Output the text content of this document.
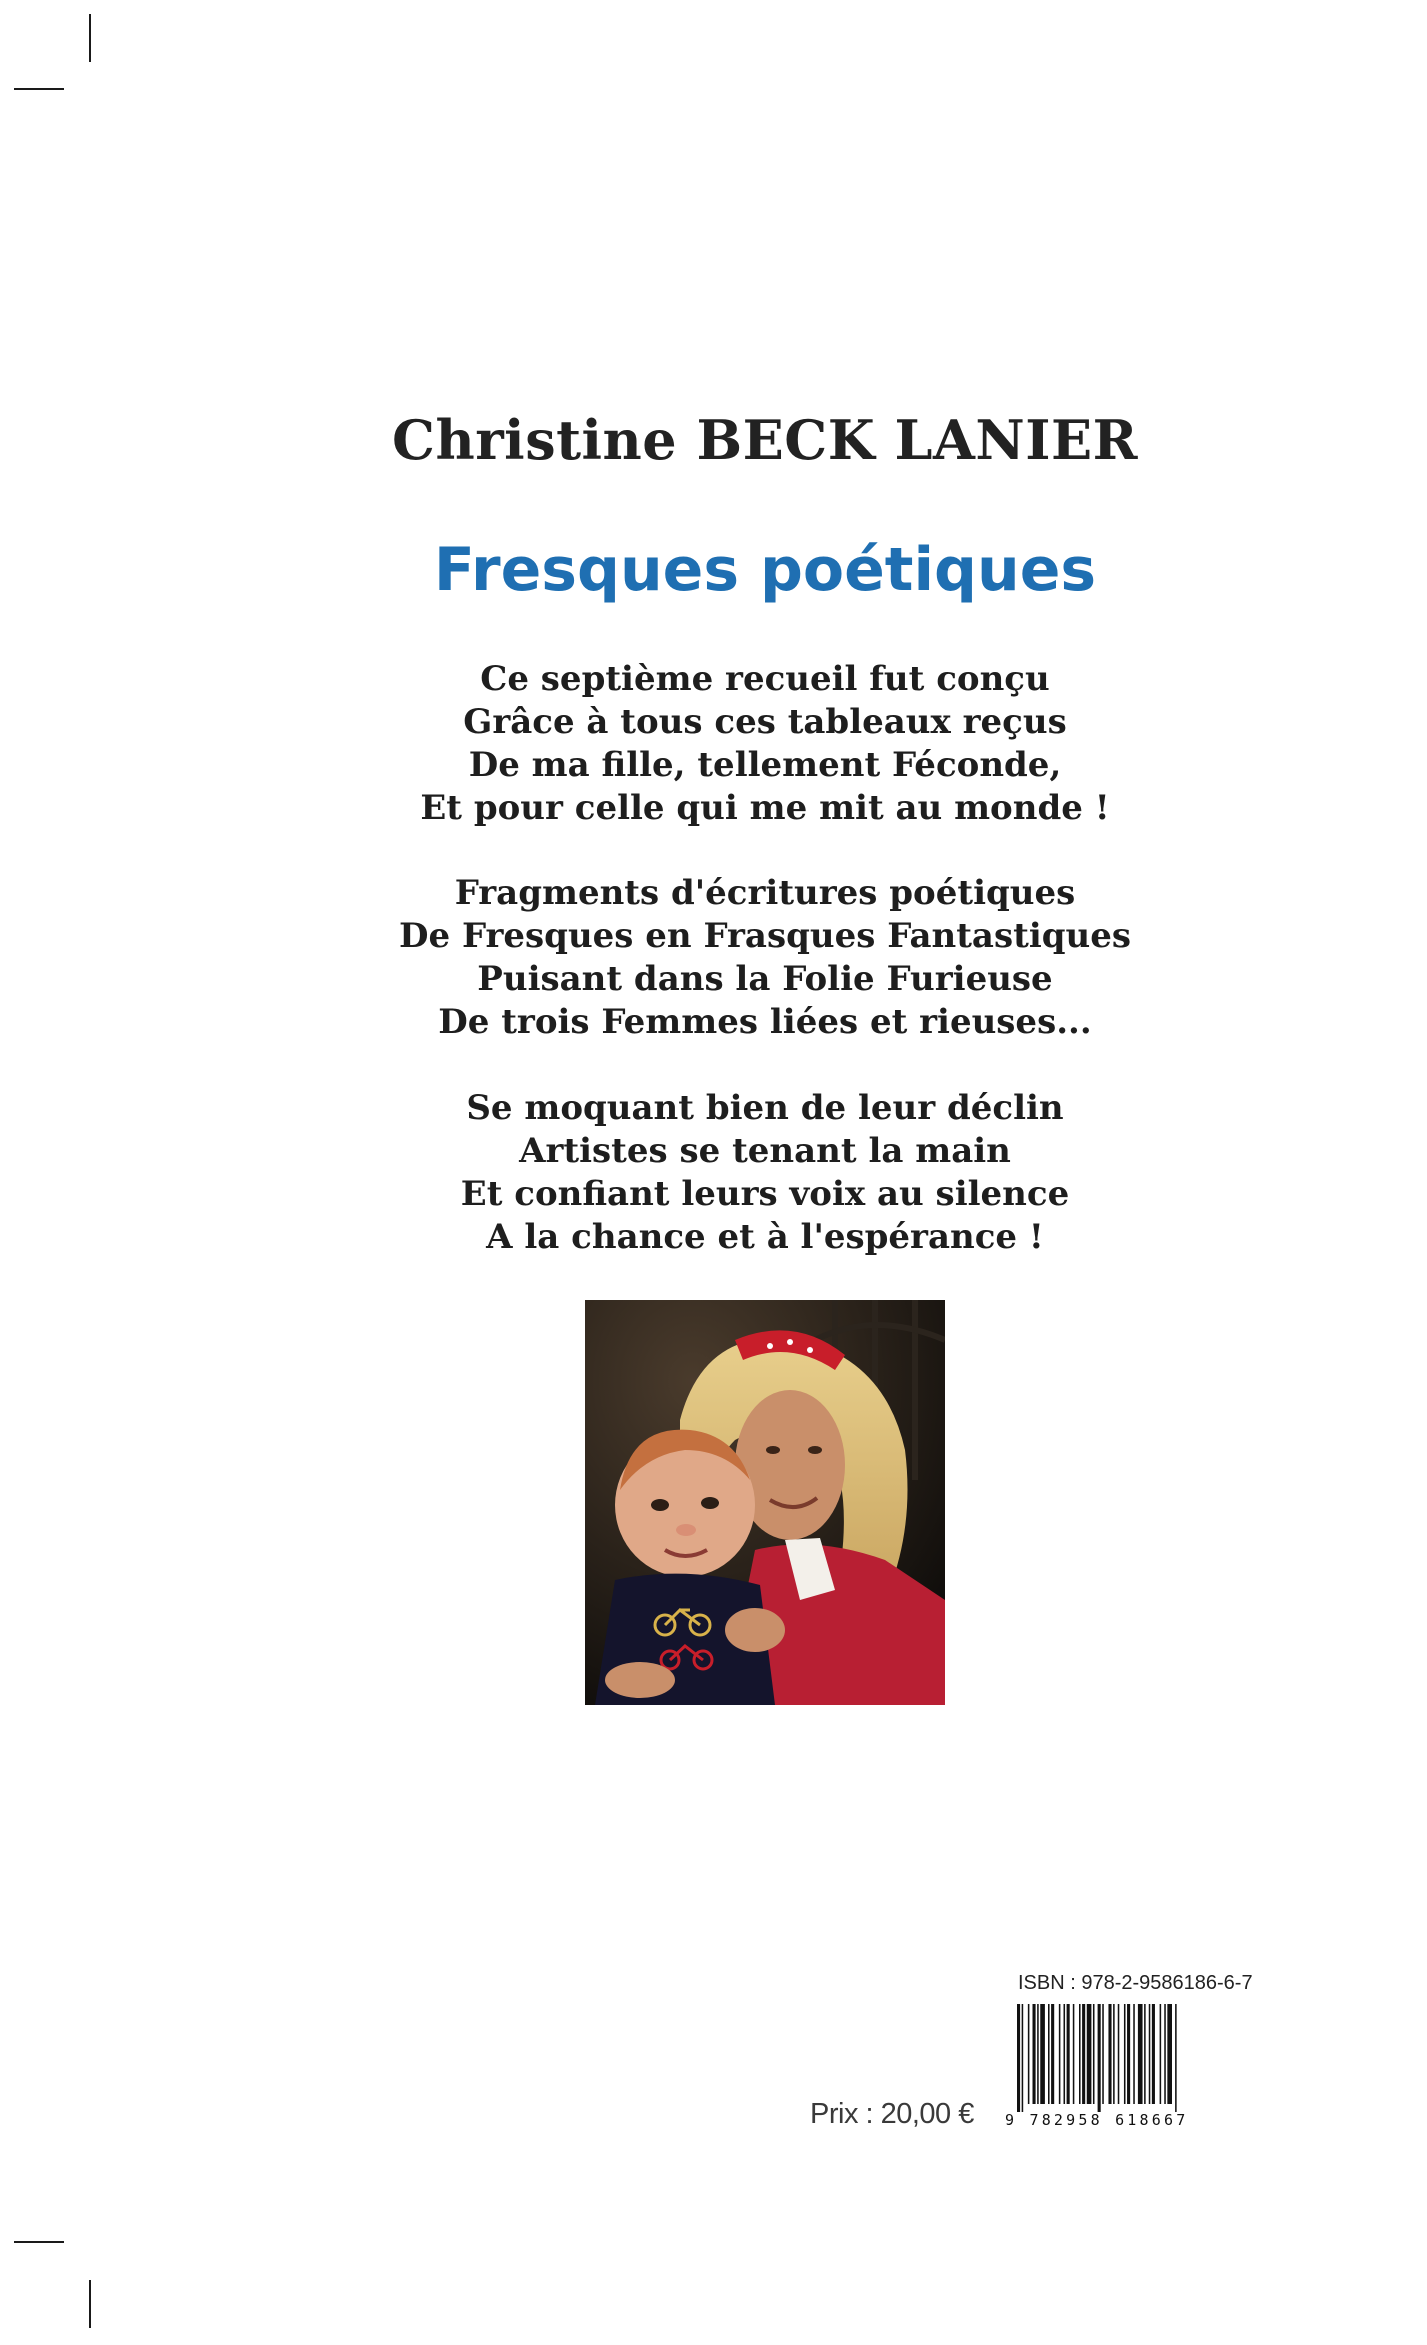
Christine BECK LANIER
Fresques poétiques
Ce septième recueil fut conçu
Grâce à tous ces tableaux reçus
De ma fille, tellement Féconde,
Et pour celle qui me mit au monde !
Fragments d'écritures poétiques
De Fresques en Frasques Fantastiques
Puisant dans la Folie Furieuse
De trois Femmes liées et rieuses...
Se moquant bien de leur déclin
Artistes se tenant la main
Et confiant leurs voix au silence
A la chance et à l'espérance !
ISBN : 978-2-9586186-6-7
9 782958 618667
Prix : 20,00 €
